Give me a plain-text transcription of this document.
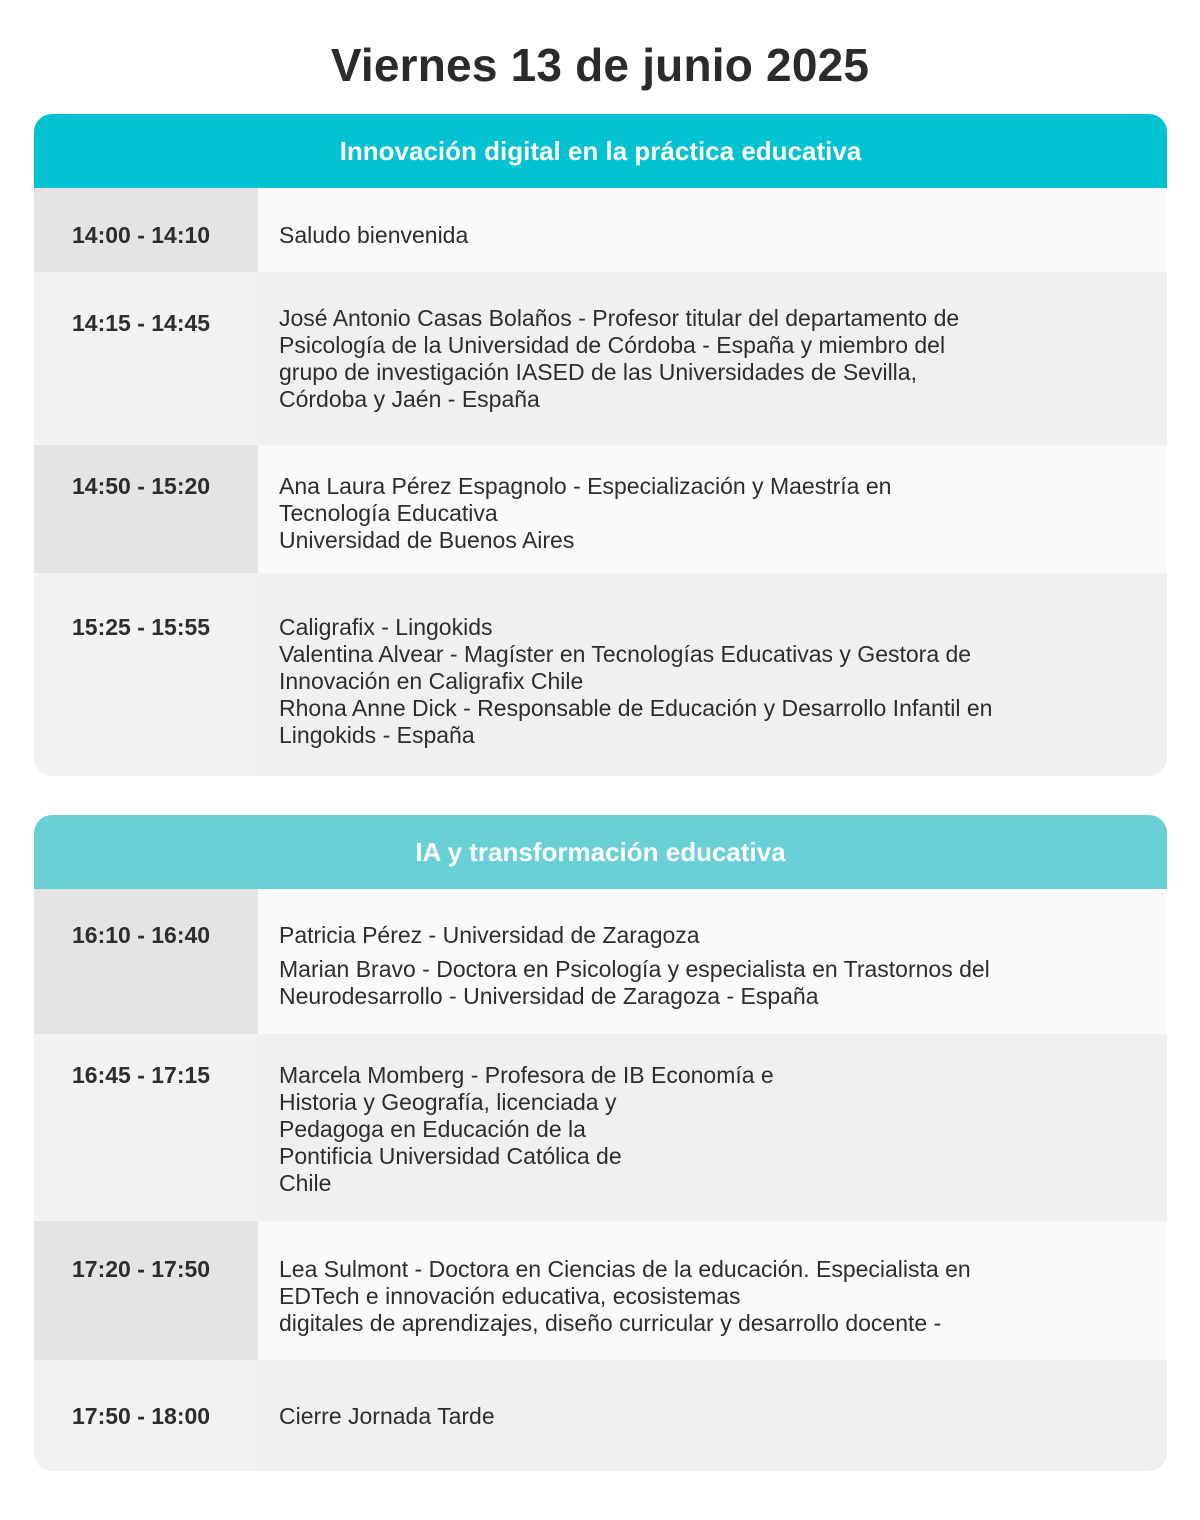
Viernes 13 de junio 2025
Innovación digital en la práctica educativa
14:00 - 14:10	Saludo bienvenida
14:15 - 14:45	José Antonio Casas Bolaños - Profesor titular del departamento de
Psicología de la Universidad de Córdoba - España y miembro del
grupo de investigación IASED de las Universidades de Sevilla,
Córdoba y Jaén - España
14:50 - 15:20	Ana Laura Pérez Espagnolo - Especialización y Maestría en
Tecnología Educativa
Universidad de Buenos Aires
15:25 - 15:55	Caligrafix - Lingokids
Valentina Alvear - Magíster en Tecnologías Educativas y Gestora de
Innovación en Caligrafix Chile
Rhona Anne Dick - Responsable de Educación y Desarrollo Infantil en
Lingokids - España
IA y transformación educativa
16:10 - 16:40	Patricia Pérez - Universidad de Zaragoza
Marian Bravo - Doctora en Psicología y especialista en Trastornos del
Neurodesarrollo - Universidad de Zaragoza - España
16:45 - 17:15	Marcela Momberg - Profesora de IB Economía e
Historia y Geografía, licenciada y
Pedagoga en Educación de la
Pontificia Universidad Católica de
Chile
17:20 - 17:50	Lea Sulmont - Doctora en Ciencias de la educación. Especialista en
EDTech e innovación educativa, ecosistemas
digitales de aprendizajes, diseño curricular y desarrollo docente -
17:50 - 18:00	Cierre Jornada Tarde
